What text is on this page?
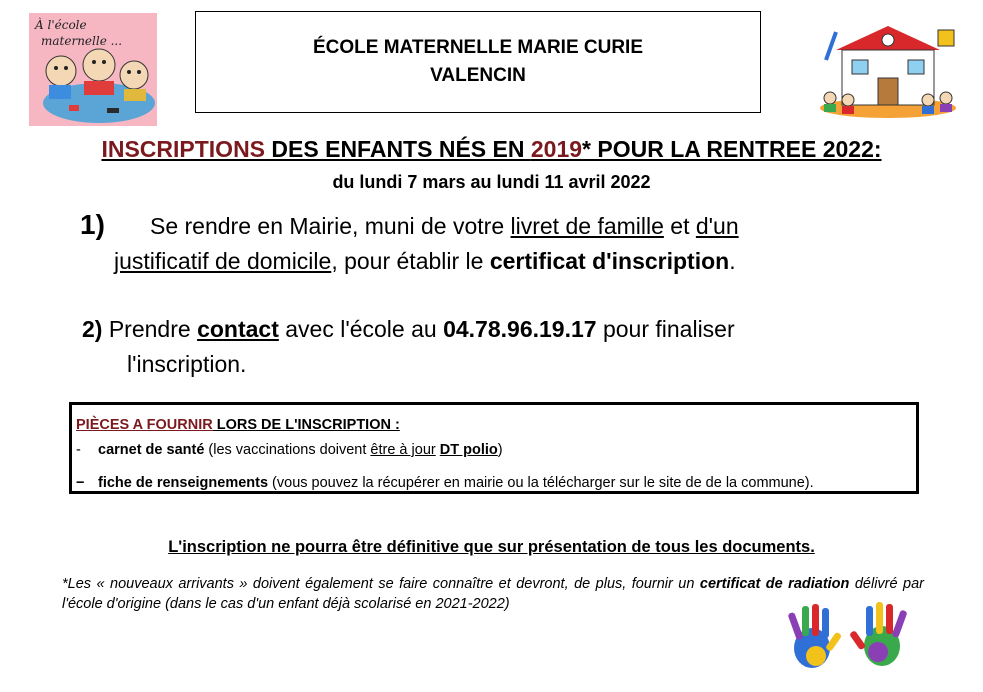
À l'école
maternelle ...	ÉCOLE MATERNELLE MARIE CURIE
VALENCIN
INSCRIPTIONS DES ENFANTS NÉS EN 2019* POUR LA RENTREE 2022:
du lundi 7 mars au lundi 11 avril 2022
1) Se rendre en Mairie, muni de votre livret de famille et d'un
justificatif de domicile, pour établir le certificat d'inscription.
2) Prendre contact avec l'école au 04.78.96.19.17 pour finaliser
l'inscription.
PIÈCES A FOURNIR LORS DE L'INSCRIPTION :
- carnet de santé (les vaccinations doivent être à jour DT polio)
− fiche de renseignements (vous pouvez la récupérer en mairie ou la télécharger sur le site de de la commune).
L'inscription ne pourra être définitive que sur présentation de tous les documents.
*Les « nouveaux arrivants » doivent également se faire connaître et devront, de plus, fournir un certificat de radiation délivré par l'école d'origine (dans le cas d'un enfant déjà scolarisé en 2021-2022)
